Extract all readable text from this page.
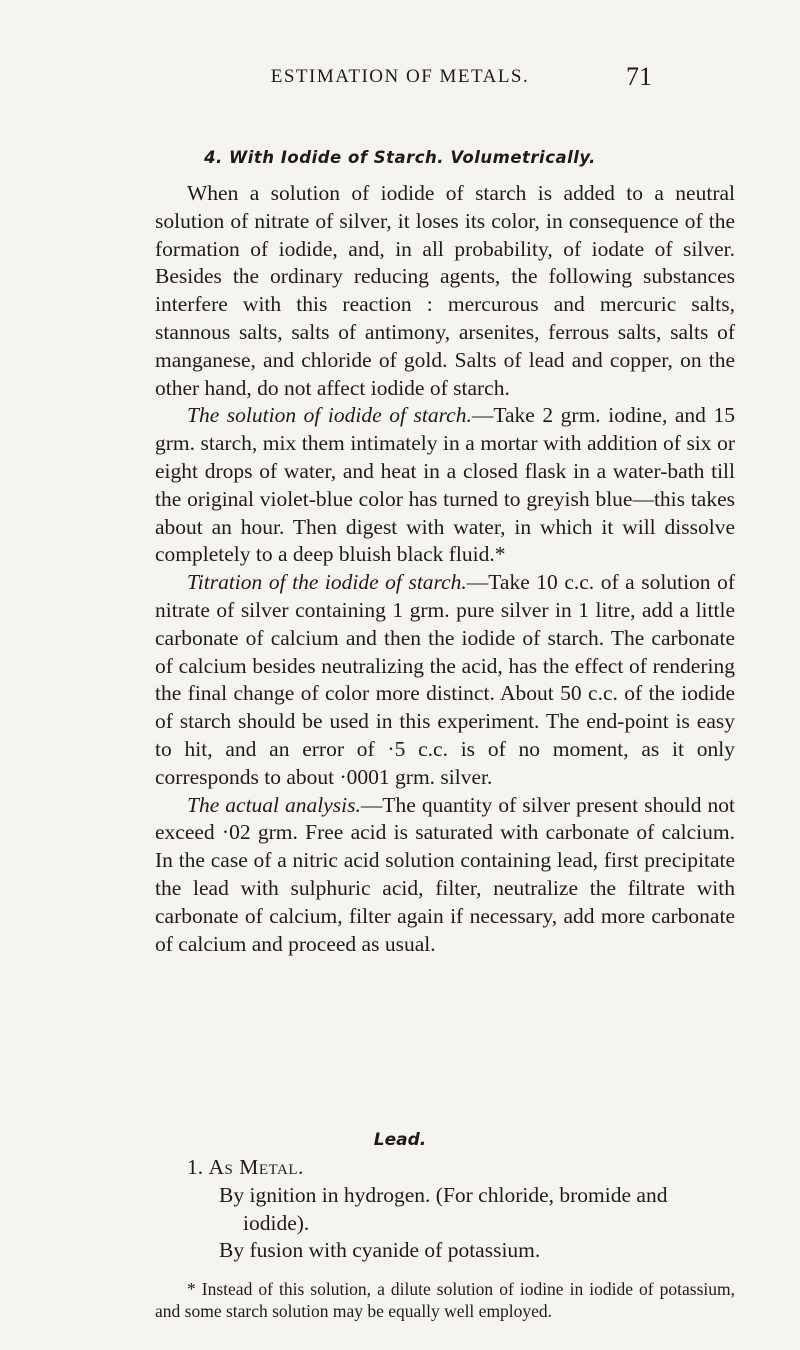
ESTIMATION OF METALS.	71
4. With Iodide of Starch. Volumetrically.

When a solution of iodide of starch is added to a neutral solution of nitrate of silver, it loses its color, in consequence of the formation of iodide, and, in all probability, of iodate of silver. Besides the ordinary reducing agents, the following substances interfere with this reaction : mercurous and mercuric salts, stannous salts, salts of antimony, arsenites, ferrous salts, salts of manganese, and chloride of gold. Salts of lead and copper, on the other hand, do not affect iodide of starch.

The solution of iodide of starch.—Take 2 grm. iodine, and 15 grm. starch, mix them intimately in a mortar with addition of six or eight drops of water, and heat in a closed flask in a water-bath till the original violet-blue color has turned to greyish blue—this takes about an hour. Then digest with water, in which it will dissolve completely to a deep bluish black fluid.*

Titration of the iodide of starch.—Take 10 c.c. of a solution of nitrate of silver containing 1 grm. pure silver in 1 litre, add a little carbonate of calcium and then the iodide of starch. The carbonate of calcium besides neutralizing the acid, has the effect of rendering the final change of color more distinct. About 50 c.c. of the iodide of starch should be used in this experiment. The end-point is easy to hit, and an error of ·5 c.c. is of no moment, as it only corresponds to about ·0001 grm. silver.

The actual analysis.—The quantity of silver present should not exceed ·02 grm. Free acid is saturated with carbonate of calcium. In the case of a nitric acid solution containing lead, first precipitate the lead with sulphuric acid, filter, neutralize the filtrate with carbonate of calcium, filter again if necessary, add more carbonate of calcium and proceed as usual.

Lead.

1. As Metal.

By ignition in hydrogen. (For chloride, bromide and iodide).

By fusion with cyanide of potassium.

* Instead of this solution, a dilute solution of iodine in iodide of potassium, and some starch solution may be equally well employed.
